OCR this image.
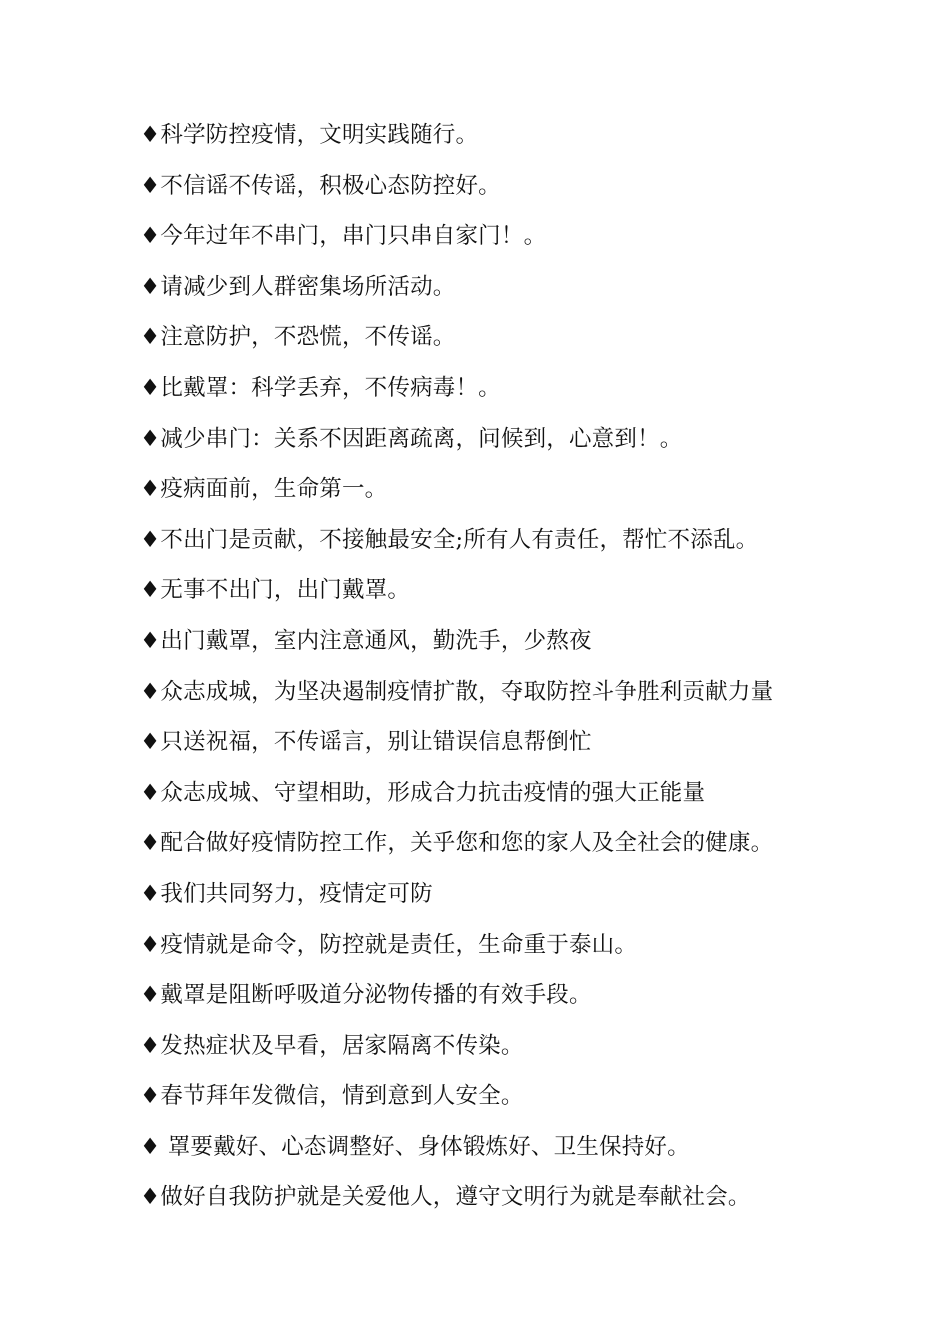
♦科学防控疫情，文明实践随行。
♦不信谣不传谣，积极心态防控好。
♦今年过年不串门，串门只串自家门！。
♦请减少到人群密集场所活动。
♦注意防护，不恐慌，不传谣。
♦比戴罩：科学丢弃，不传病毒！。
♦减少串门：关系不因距离疏离，问候到，心意到！。
♦疫病面前，生命第一。
♦不出门是贡献，不接触最安全;所有人有责任，帮忙不添乱。
♦无事不出门，出门戴罩。
♦出门戴罩，室内注意通风，勤洗手，少熬夜
♦众志成城，为坚决遏制疫情扩散，夺取防控斗争胜利贡献力量
♦只送祝福，不传谣言，别让错误信息帮倒忙
♦众志成城、守望相助，形成合力抗击疫情的强大正能量
♦配合做好疫情防控工作，关乎您和您的家人及全社会的健康。
♦我们共同努力，疫情定可防
♦疫情就是命令，防控就是责任，生命重于泰山。
♦戴罩是阻断呼吸道分泌物传播的有效手段。
♦发热症状及早看，居家隔离不传染。
♦春节拜年发微信，情到意到人安全。
♦ 罩要戴好、心态调整好、身体锻炼好、卫生保持好。
♦做好自我防护就是关爱他人，遵守文明行为就是奉献社会。
